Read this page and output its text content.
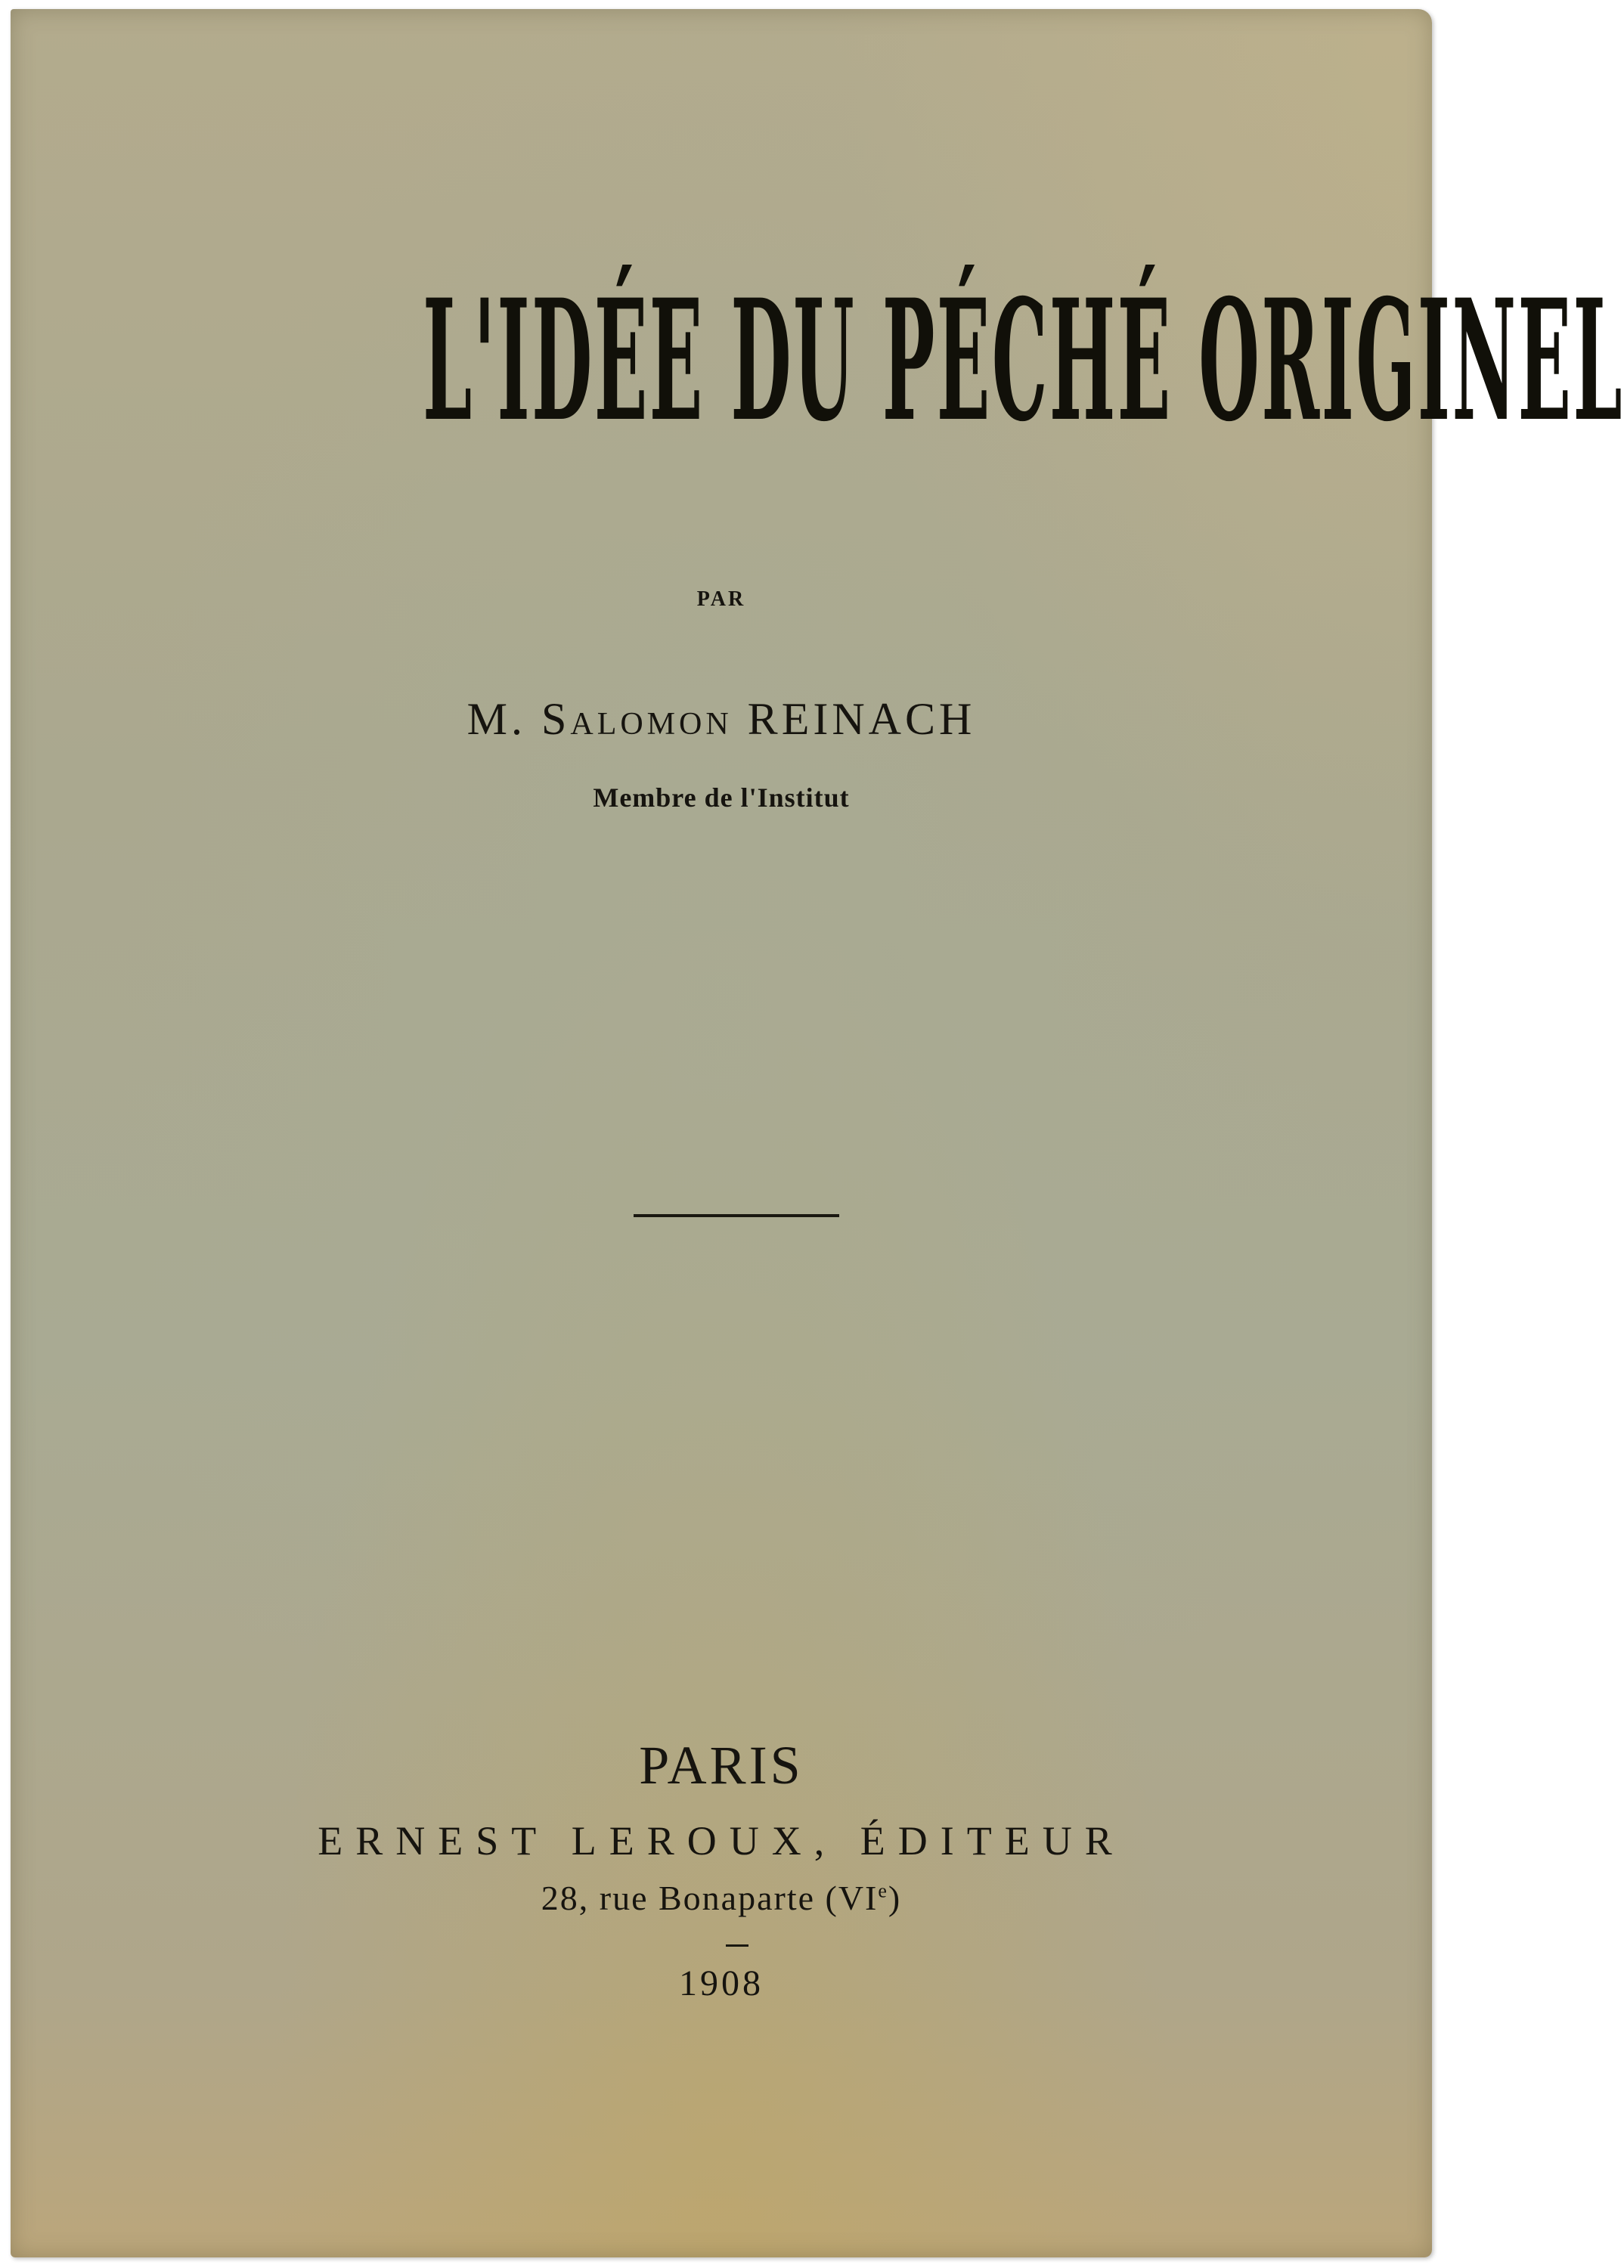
L'IDÉE DU PÉCHÉ ORIGINEL
PAR
M. Salomon REINACH
Membre de l'Institut
PARIS
ERNEST LEROUX, ÉDITEUR
28, rue Bonaparte (VIe)
1908
